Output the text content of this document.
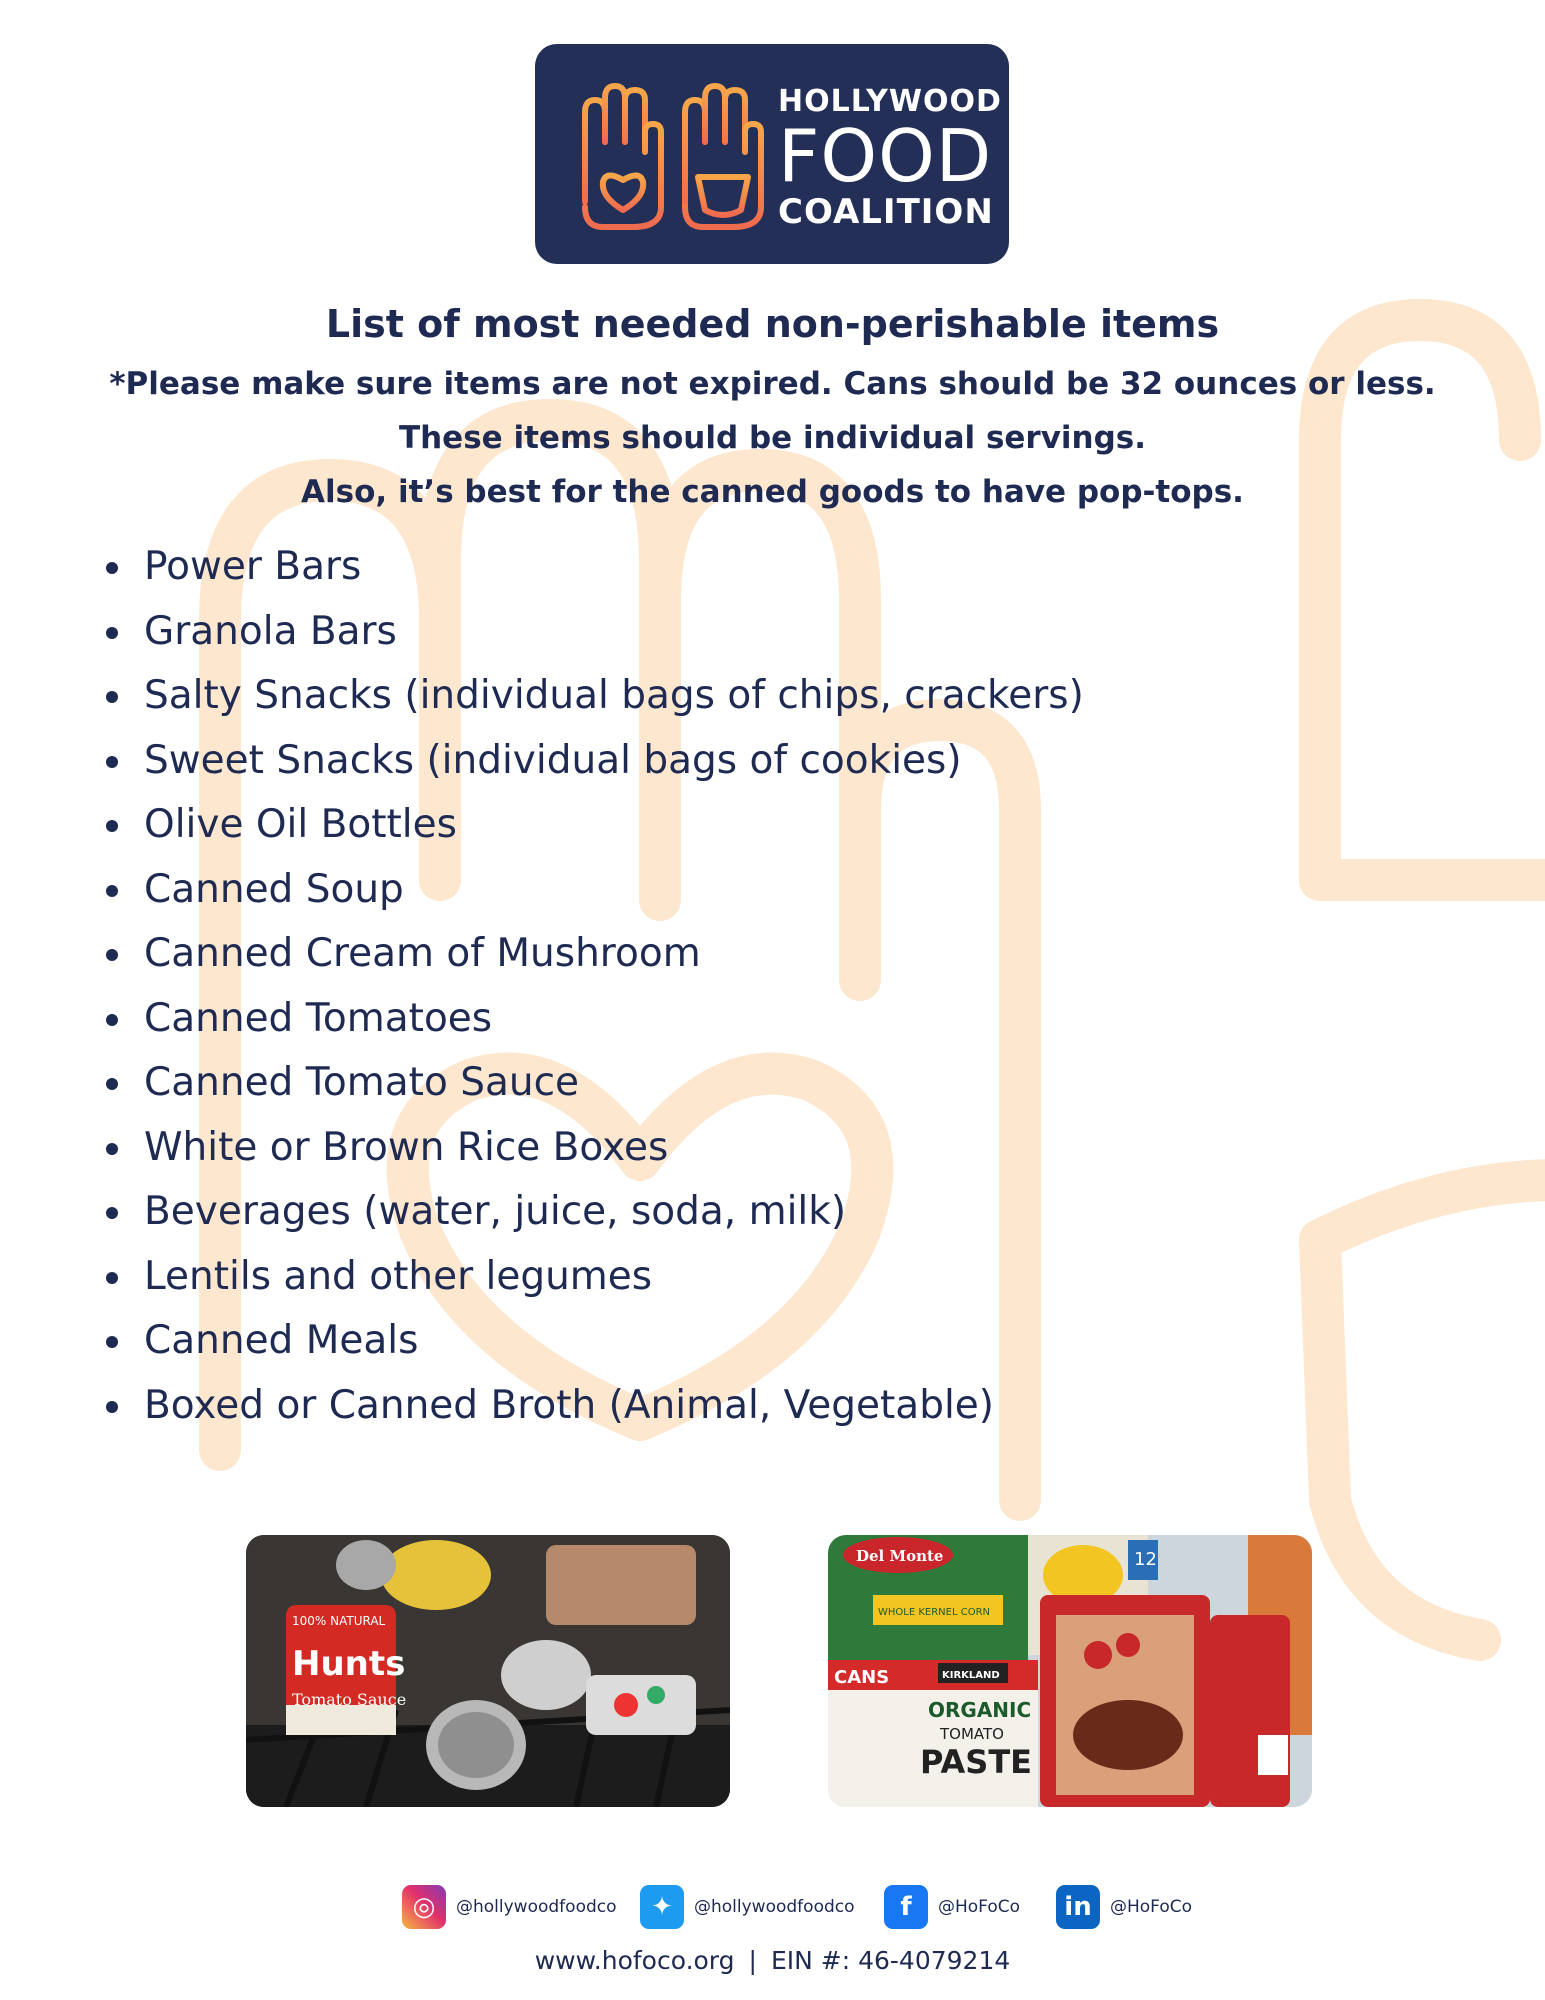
HOLLYWOOD
FOOD
COALITION
List of most needed non-perishable items
*Please make sure items are not expired. Cans should be 32 ounces or less.
These items should be individual servings.
Also, it’s best for the canned goods to have pop-tops.
Power Bars
Granola Bars
Salty Snacks (individual bags of chips, crackers)
Sweet Snacks (individual bags of cookies)
Olive Oil Bottles
Canned Soup
Canned Cream of Mushroom
Canned Tomatoes
Canned Tomato Sauce
White or Brown Rice Boxes
Beverages (water, juice, soda, milk)
Lentils and other legumes
Canned Meals
Boxed or Canned Broth (Animal, Vegetable)
100% NATURAL
Hunts
Tomato Sauce
12
Del Monte
WHOLE KERNEL CORN
CANS	KIRKLAND
ORGANIC
TOMATO
PASTE
◎	@hollywoodfoodco	✦	@hollywoodfoodco	f	@HoFoCo	in	@HoFoCo
www.hofoco.org | EIN #: 46-4079214
